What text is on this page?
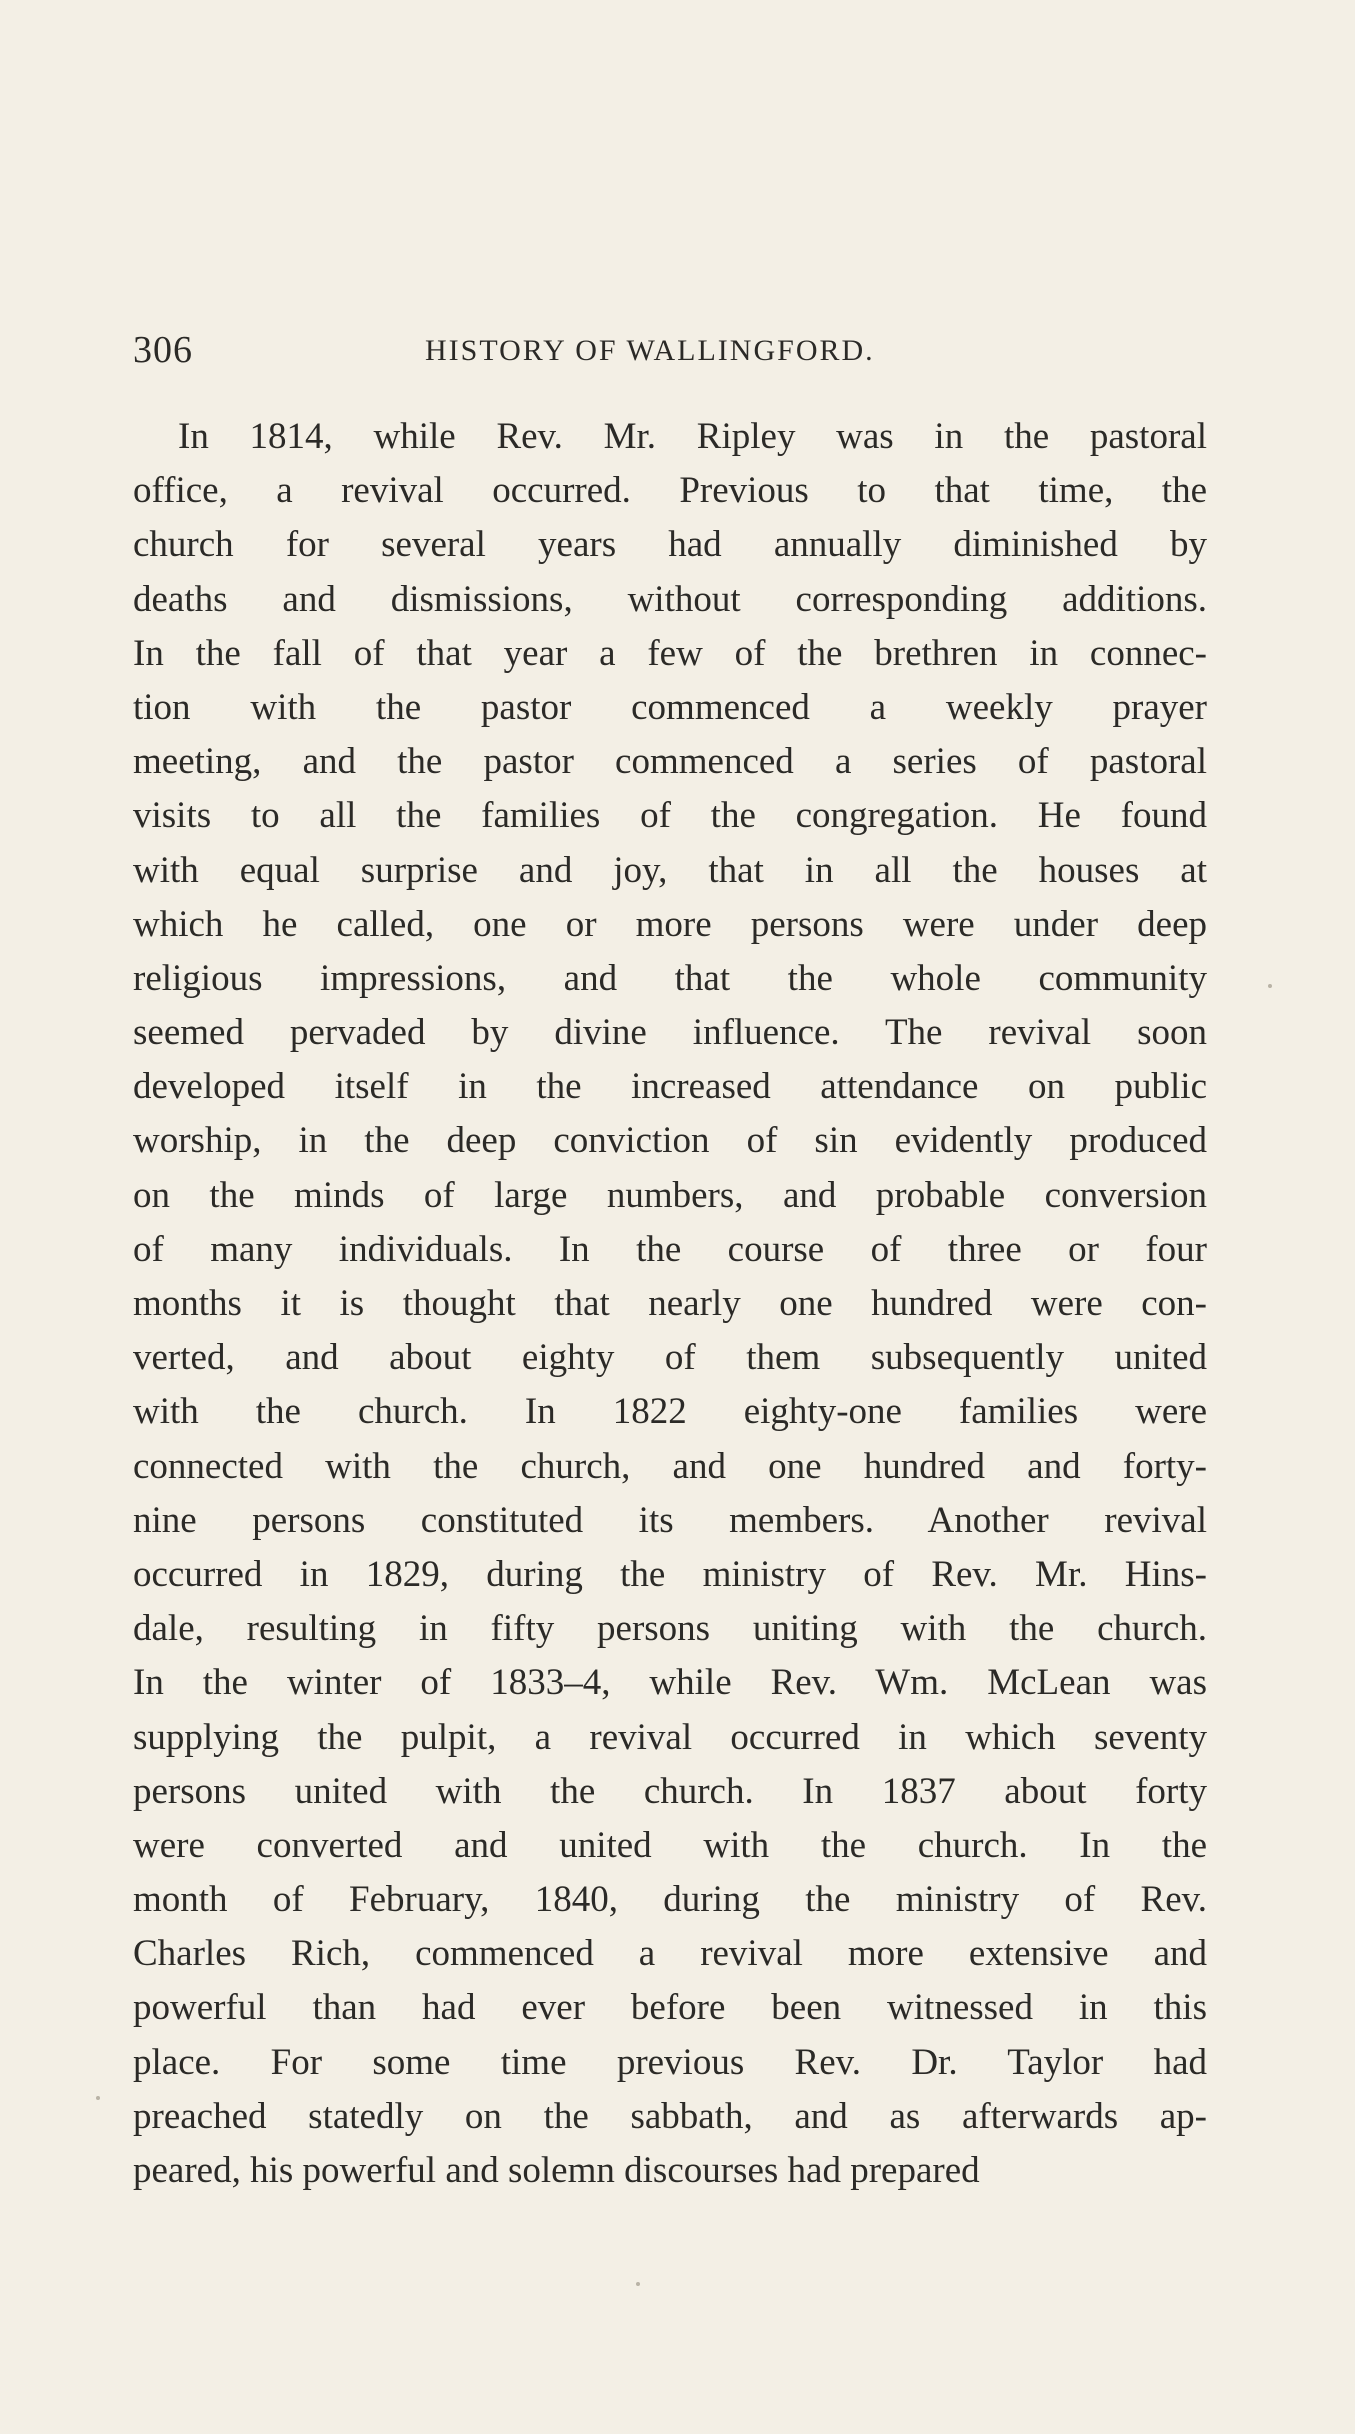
306	HISTORY OF WALLINGFORD.
In 1814, while Rev. Mr. Ripley was in the pastoral
office, a revival occurred. Previous to that time, the
church for several years had annually diminished by
deaths and dismissions, without corresponding additions.
In the fall of that year a few of the brethren in connec-
tion with the pastor commenced a weekly prayer
meeting, and the pastor commenced a series of pastoral
visits to all the families of the congregation. He found
with equal surprise and joy, that in all the houses at
which he called, one or more persons were under deep
religious impressions, and that the whole community
seemed pervaded by divine influence. The revival soon
developed itself in the increased attendance on public
worship, in the deep conviction of sin evidently produced
on the minds of large numbers, and probable conversion
of many individuals. In the course of three or four
months it is thought that nearly one hundred were con-
verted, and about eighty of them subsequently united
with the church. In 1822 eighty-one families were
connected with the church, and one hundred and forty-
nine persons constituted its members. Another revival
occurred in 1829, during the ministry of Rev. Mr. Hins-
dale, resulting in fifty persons uniting with the church.
In the winter of 1833–4, while Rev. Wm. McLean was
supplying the pulpit, a revival occurred in which seventy
persons united with the church. In 1837 about forty
were converted and united with the church. In the
month of February, 1840, during the ministry of Rev.
Charles Rich, commenced a revival more extensive and
powerful than had ever before been witnessed in this
place. For some time previous Rev. Dr. Taylor had
preached statedly on the sabbath, and as afterwards ap-
peared, his powerful and solemn discourses had prepared
